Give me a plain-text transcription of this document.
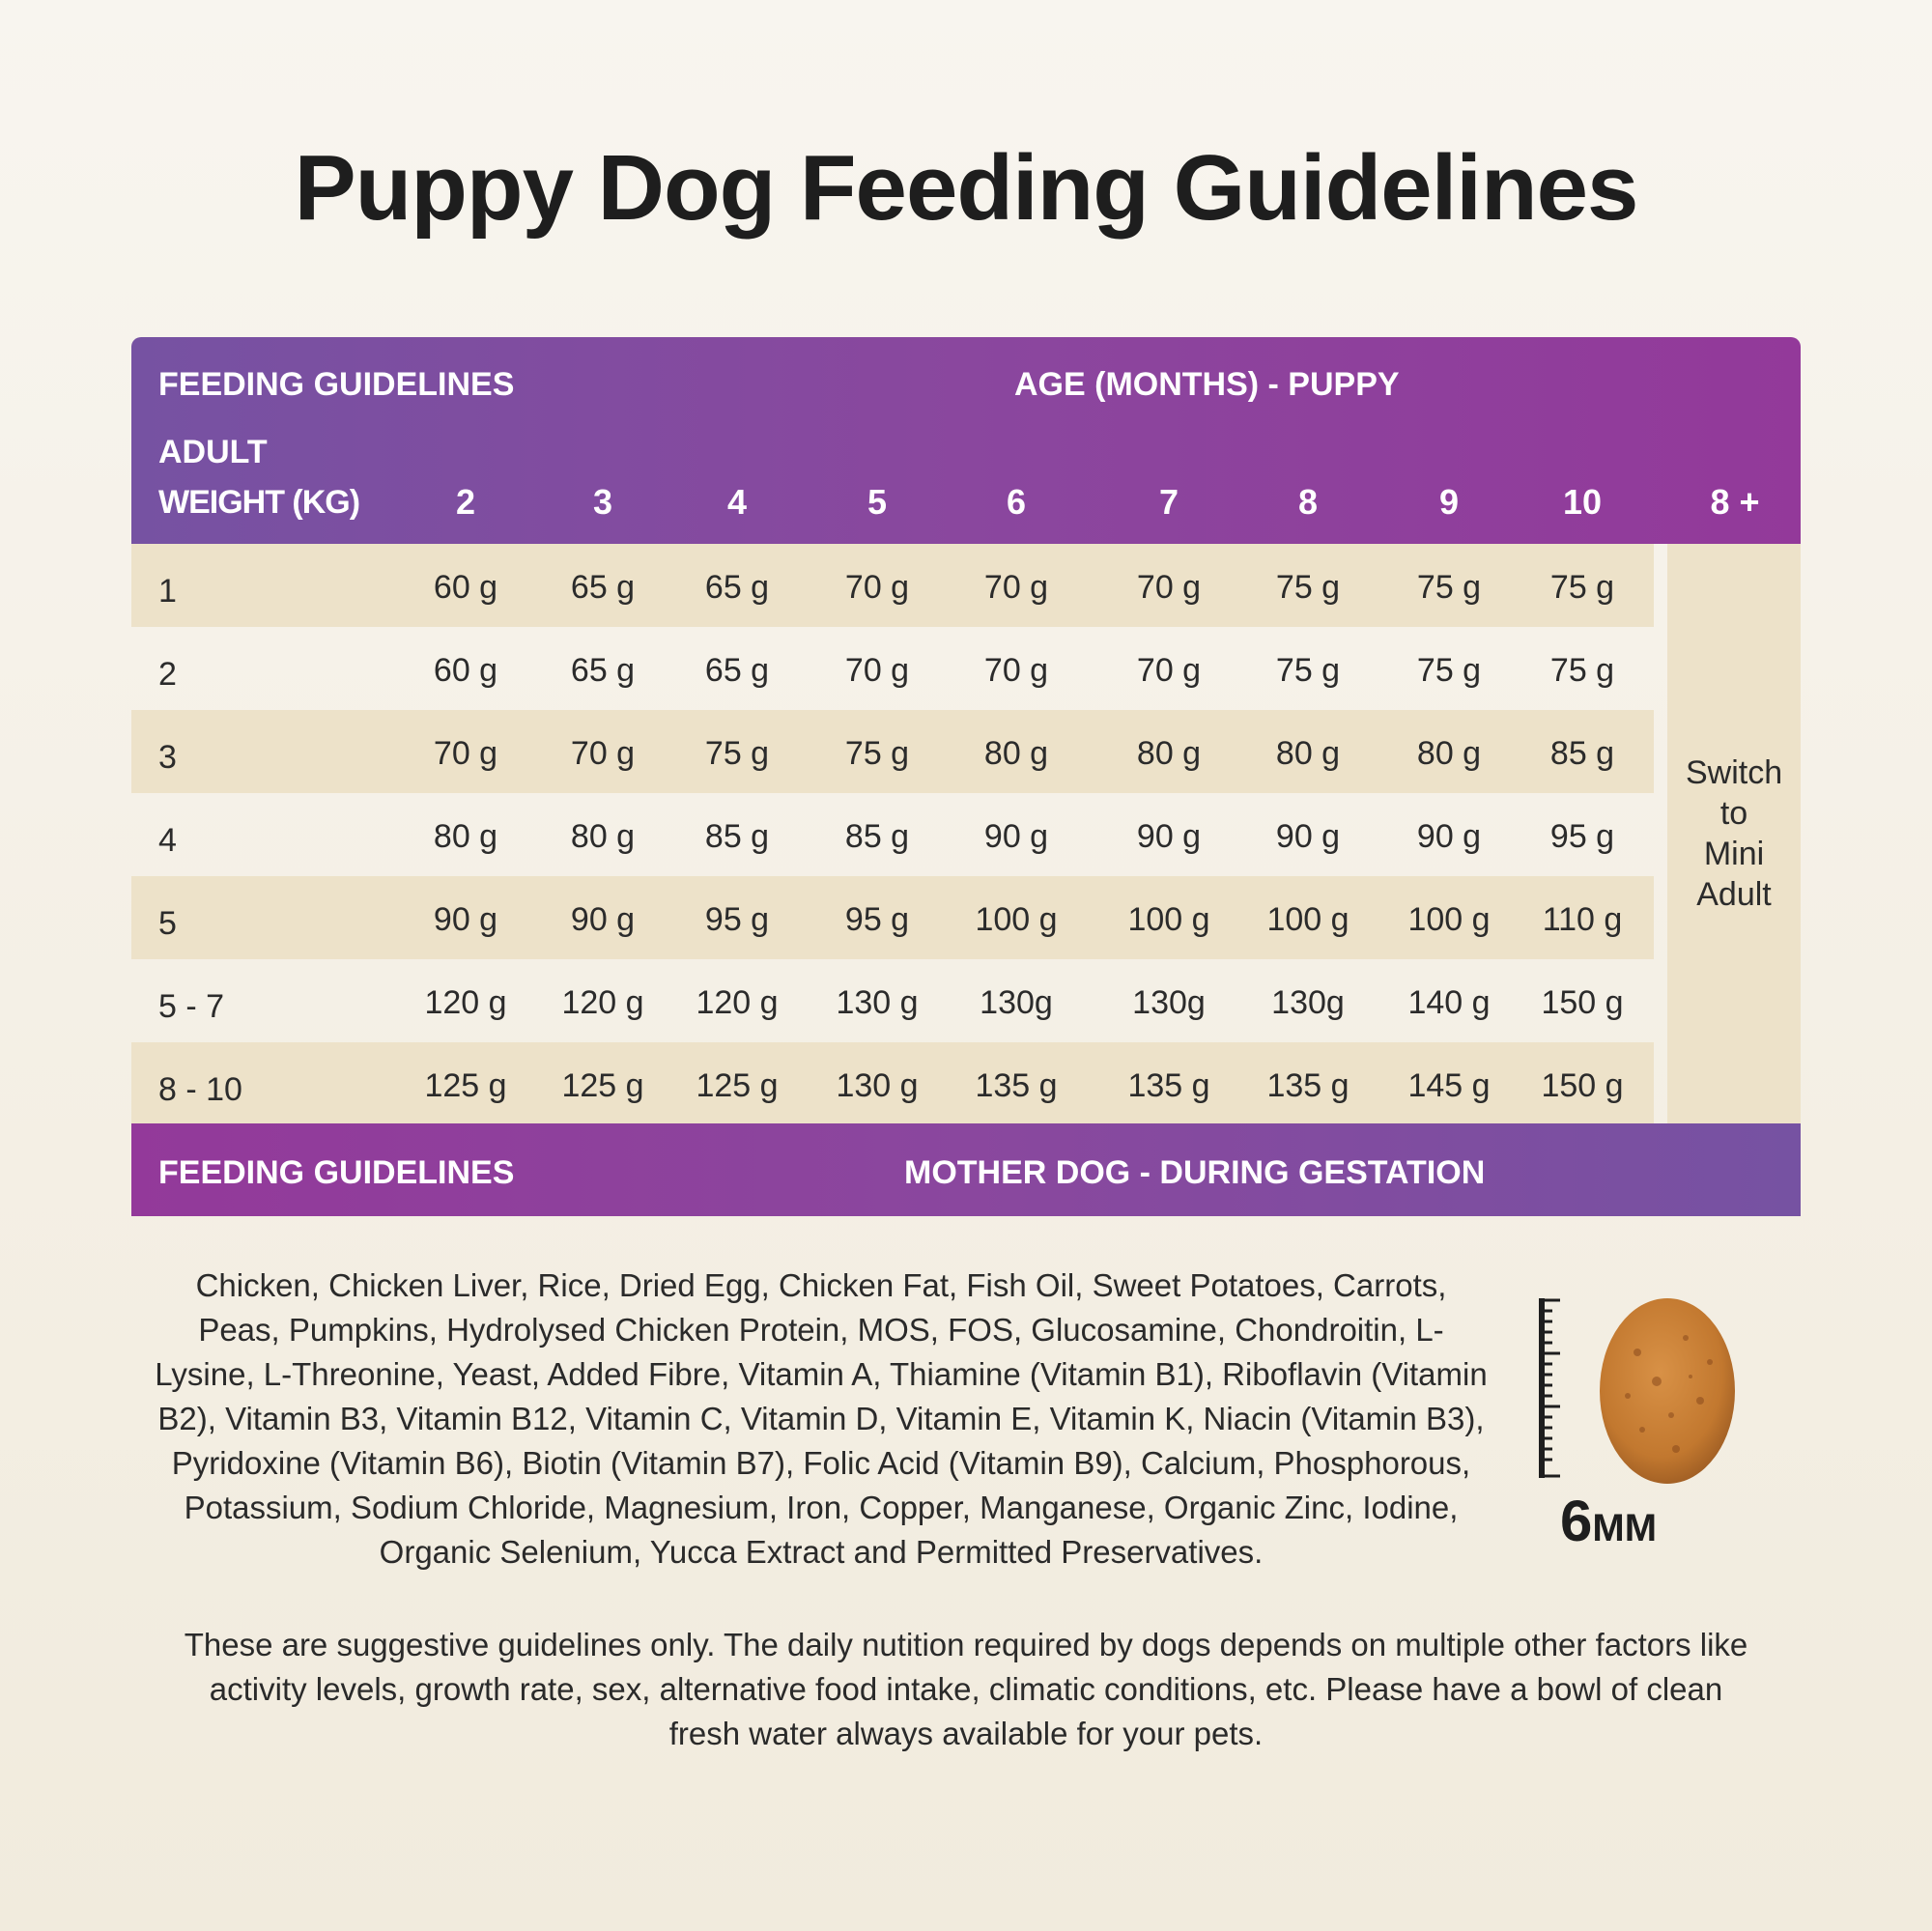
Puppy Dog Feeding Guidelines
FEEDING GUIDELINES	AGE (MONTHS) - PUPPY
ADULT
WEIGHT (KG)	2	3	4	5	6	7	8	9	10	8 +
1	60 g	65 g	65 g	70 g	70 g	70 g	75 g	75 g	75 g
2	60 g	65 g	65 g	70 g	70 g	70 g	75 g	75 g	75 g
3	70 g	70 g	75 g	75 g	80 g	80 g	80 g	80 g	85 g
4	80 g	80 g	85 g	85 g	90 g	90 g	90 g	90 g	95 g
5	90 g	90 g	95 g	95 g	100 g	100 g	100 g	100 g	110 g
5 - 7	120 g	120 g	120 g	130 g	130g	130g	130g	140 g	150 g
8 - 10	125 g	125 g	125 g	130 g	135 g	135 g	135 g	145 g	150 g
Switch to Mini Adult
FEEDING GUIDELINES	MOTHER DOG - DURING GESTATION
Chicken, Chicken Liver, Rice, Dried Egg, Chicken Fat, Fish Oil, Sweet Potatoes, Carrots, Peas, Pumpkins, Hydrolysed Chicken Protein, MOS, FOS, Glucosamine, Chondroitin, L-Lysine, L-Threonine, Yeast, Added Fibre, Vitamin A, Thiamine (Vitamin B1), Riboflavin (Vitamin B2), Vitamin B3, Vitamin B12, Vitamin C, Vitamin D, Vitamin E, Vitamin K, Niacin (Vitamin B3), Pyridoxine (Vitamin B6), Biotin (Vitamin B7), Folic Acid (Vitamin B9), Calcium, Phosphorous, Potassium, Sodium Chloride, Magnesium, Iron, Copper, Manganese, Organic Zinc, Iodine, Organic Selenium, Yucca Extract and Permitted Preservatives.	6MM
These are suggestive guidelines only. The daily nutition required by dogs depends on multiple other factors like activity levels, growth rate, sex, alternative food intake, climatic conditions, etc. Please have a bowl of clean fresh water always available for your pets.
